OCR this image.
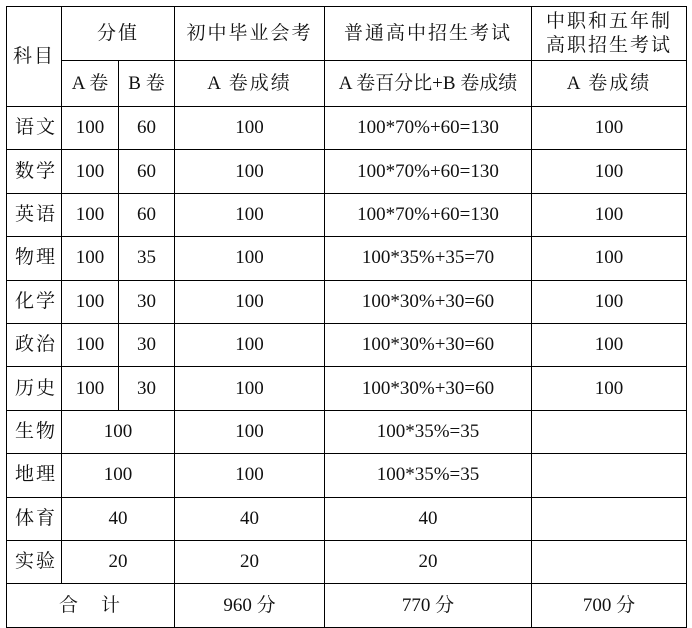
科目	分值		初中毕业会考	普通高中招生考试	中职和五年制
高职招生考试

	A 卷	B 卷	A 卷成绩	A 卷百分比+B 卷成绩	A 卷成绩
语文	100	60	100	100*70%+60=130	100
数学	100	60	100	100*70%+60=130	100
英语	100	60	100	100*70%+60=130	100
物理	100	35	100	100*35%+35=70	100
化学	100	30	100	100*30%+30=60	100
政治	100	30	100	100*30%+30=60	100
历史	100	30	100	100*30%+30=60	100
生物	100		100	100*35%=35	
地理	100		100	100*35%=35	
体育	40		40	40	
实验	20		20	20	
合　计			960 分	770 分	700 分
